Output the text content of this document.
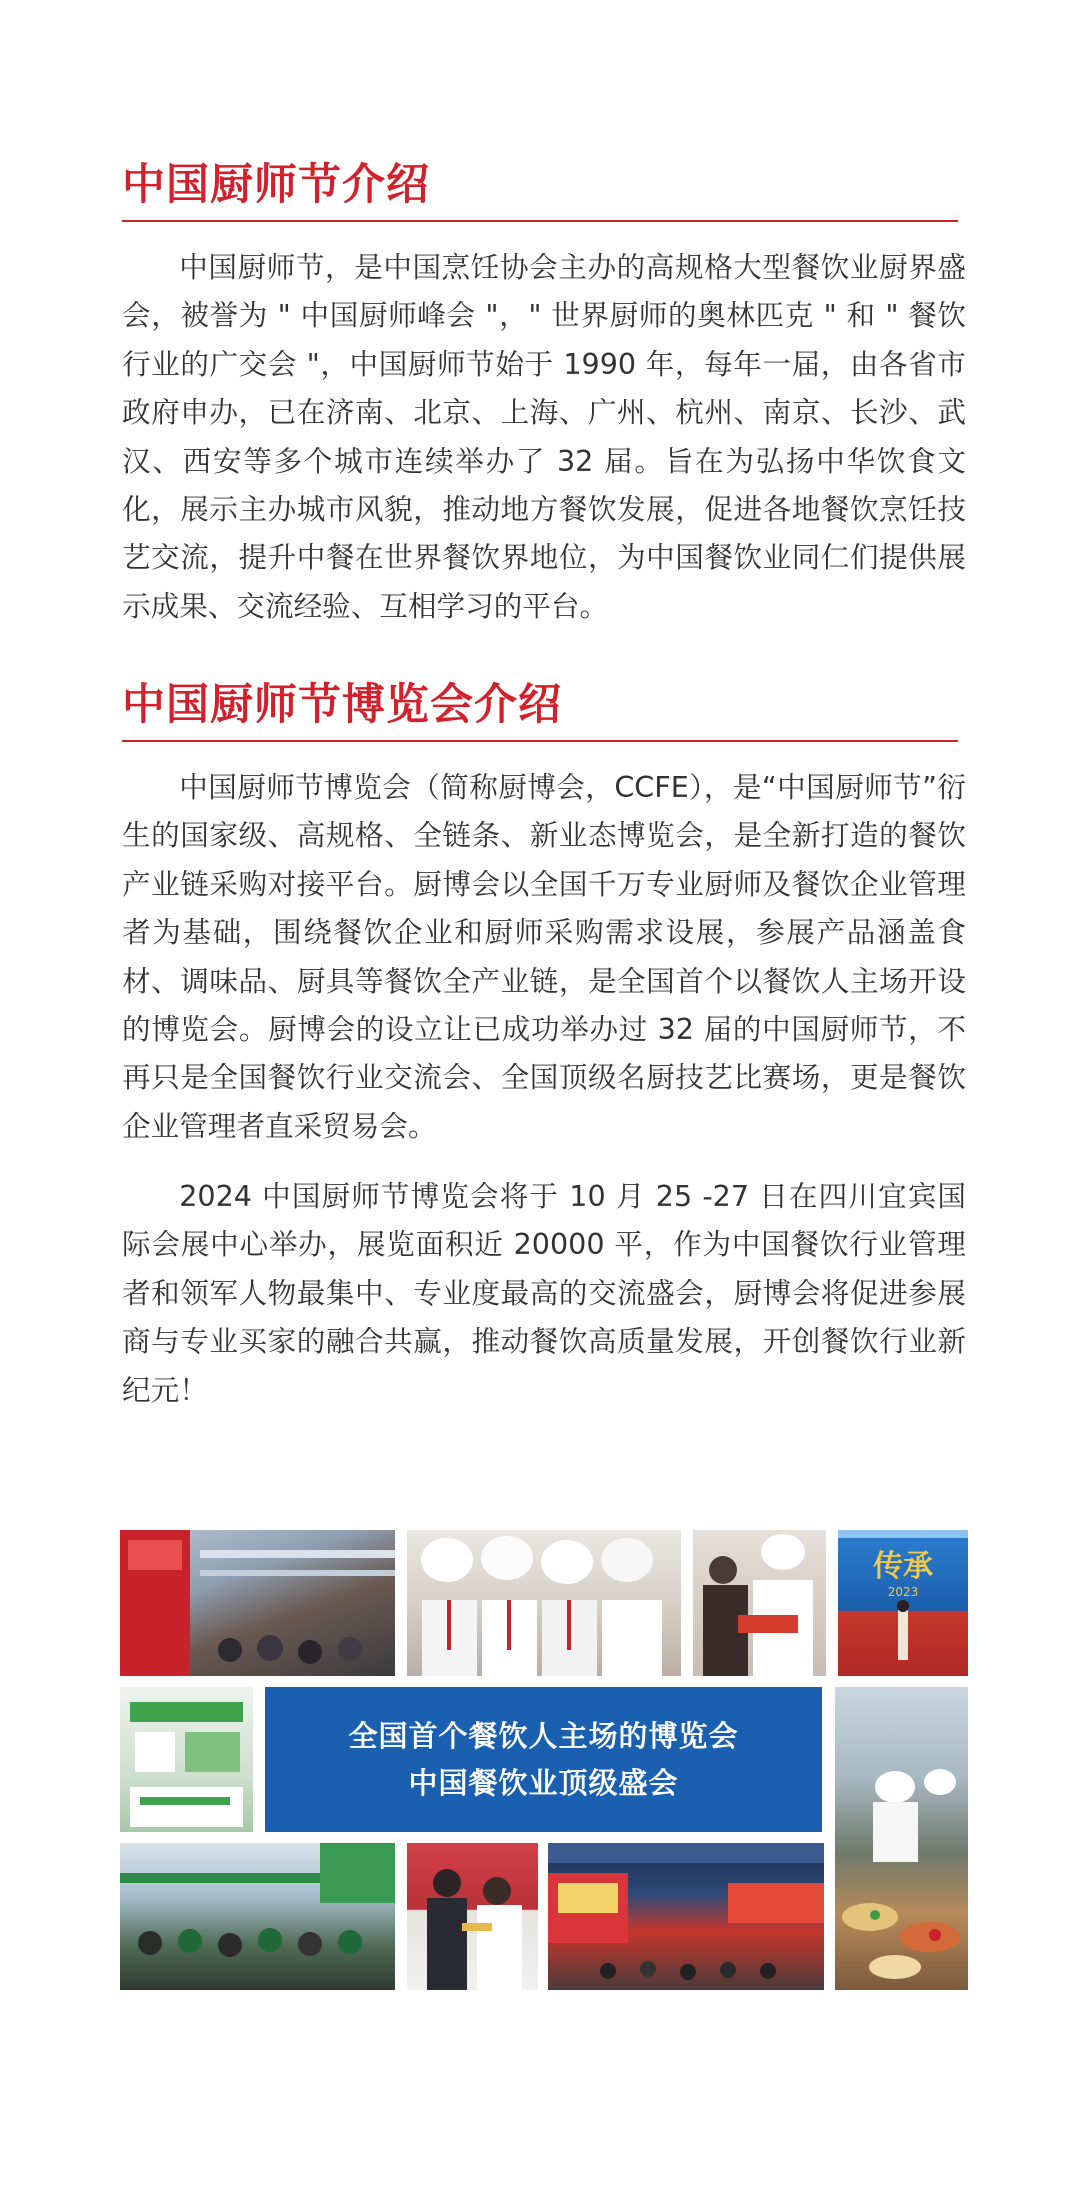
中国厨师节介绍

中国厨师节，是中国烹饪协会主办的高规格大型餐饮业厨界盛会，被誉为 " 中国厨师峰会 "，" 世界厨师的奥林匹克 " 和 " 餐饮行业的广交会 "，中国厨师节始于 1990 年，每年一届，由各省市政府申办，已在济南、北京、上海、广州、杭州、南京、长沙、武汉、西安等多个城市连续举办了 32 届。旨在为弘扬中华饮食文化，展示主办城市风貌，推动地方餐饮发展，促进各地餐饮烹饪技艺交流，提升中餐在世界餐饮界地位，为中国餐饮业同仁们提供展示成果、交流经验、互相学习的平台。

中国厨师节博览会介绍

中国厨师节博览会（简称厨博会，CCFE），是“中国厨师节”衍生的国家级、高规格、全链条、新业态博览会，是全新打造的餐饮产业链采购对接平台。厨博会以全国千万专业厨师及餐饮企业管理者为基础，围绕餐饮企业和厨师采购需求设展，参展产品涵盖食材、调味品、厨具等餐饮全产业链，是全国首个以餐饮人主场开设的博览会。厨博会的设立让已成功举办过 32 届的中国厨师节，不再只是全国餐饮行业交流会、全国顶级名厨技艺比赛场，更是餐饮企业管理者直采贸易会。

2024 中国厨师节博览会将于 10 月 25 -27 日在四川宜宾国际会展中心举办，展览面积近 20000 平，作为中国餐饮行业管理者和领军人物最集中、专业度最高的交流盛会，厨博会将促进参展商与专业买家的融合共赢，推动餐饮高质量发展，开创餐饮行业新纪元！

传承
2023
全国首个餐饮人主场的博览会
中国餐饮业顶级盛会
